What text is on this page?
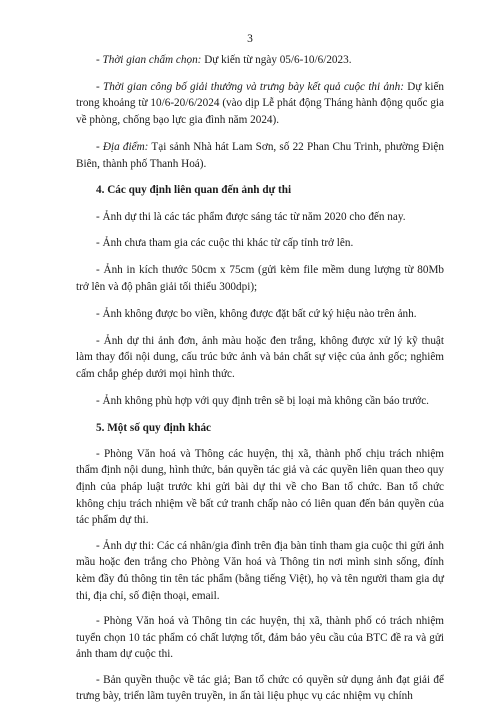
3

- Thời gian chấm chọn: Dự kiến từ ngày 05/6-10/6/2023.

- Thời gian công bố giải thưởng và trưng bày kết quả cuộc thi ảnh: Dự kiến trong khoảng từ 10/6-20/6/2024 (vào dịp Lễ phát động Tháng hành động quốc gia về phòng, chống bạo lực gia đình năm 2024).

- Địa điểm: Tại sảnh Nhà hát Lam Sơn, số 22 Phan Chu Trinh, phường Điện Biên, thành phố Thanh Hoá).

4. Các quy định liên quan đến ảnh dự thi

- Ảnh dự thi là các tác phẩm được sáng tác từ năm 2020 cho đến nay.

- Ảnh chưa tham gia các cuộc thi khác từ cấp tỉnh trở lên.

- Ảnh in kích thước 50cm x 75cm (gửi kèm file mềm dung lượng từ 80Mb trở lên và độ phân giải tối thiểu 300dpi);

- Ảnh không được bo viền, không được đặt bất cứ ký hiệu nào trên ảnh.

- Ảnh dự thi ảnh đơn, ảnh màu hoặc đen trắng, không được xử lý kỹ thuật làm thay đổi nội dung, cấu trúc bức ảnh và bản chất sự việc của ảnh gốc; nghiêm cấm chắp ghép dưới mọi hình thức.

- Ảnh không phù hợp với quy định trên sẽ bị loại mà không cần báo trước.

5. Một số quy định khác

- Phòng Văn hoá và Thông các huyện, thị xã, thành phố chịu trách nhiệm thẩm định nội dung, hình thức, bản quyền tác giả và các quyền liên quan theo quy định của pháp luật trước khi gửi bài dự thi về cho Ban tổ chức. Ban tổ chức không chịu trách nhiệm về bất cứ tranh chấp nào có liên quan đến bản quyền của tác phẩm dự thi.

- Ảnh dự thi: Các cá nhân/gia đình trên địa bàn tỉnh tham gia cuộc thi gửi ảnh mầu hoặc đen trắng cho Phòng Văn hoá và Thông tin nơi mình sinh sống, đính kèm đầy đủ thông tin tên tác phẩm (bằng tiếng Việt), họ và tên người tham gia dự thi, địa chỉ, số điện thoại, email.

- Phòng Văn hoá và Thông tin các huyện, thị xã, thành phố có trách nhiệm tuyển chọn 10 tác phẩm có chất lượng tốt, đảm bảo yêu cầu của BTC đề ra và gửi ảnh tham dự cuộc thi.

- Bản quyền thuộc về tác giả; Ban tổ chức có quyền sử dụng ảnh đạt giải để trưng bày, triển lãm tuyên truyền, in ấn tài liệu phục vụ các nhiệm vụ chính
